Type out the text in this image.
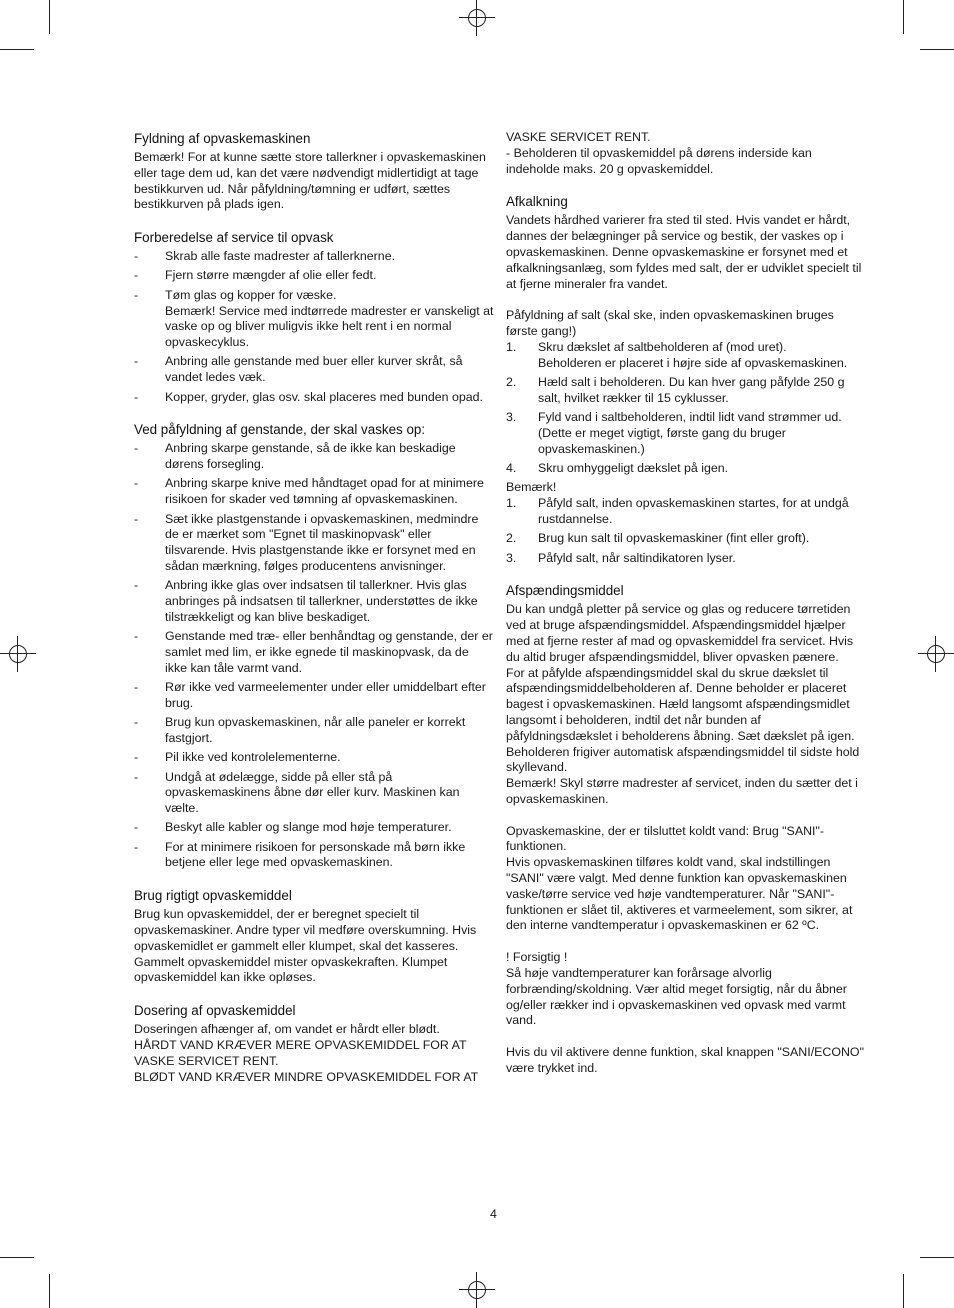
Fyldning af opvaskemaskinen

Bemærk! For at kunne sætte store tallerkner i opvaskemaskinen eller tage dem ud, kan det være nødvendigt midlertidigt at tage bestikkurven ud. Når påfyldning/tømning er udført, sættes bestikkurven på plads igen.

Forberedelse af service til opvask
- Skrab alle faste madrester af tallerknerne.
- Fjern større mængder af olie eller fedt.
- Tøm glas og kopper for væske.
Bemærk! Service med indtørrede madrester er vanskeligt at vaske op og bliver muligvis ikke helt rent i en normal opvaskecyklus.
- Anbring alle genstande med buer eller kurver skråt, så vandet ledes væk.
- Kopper, gryder, glas osv. skal placeres med bunden opad.
Ved påfyldning af genstande, der skal vaskes op:
- Anbring skarpe genstande, så de ikke kan beskadige dørens forsegling.
- Anbring skarpe knive med håndtaget opad for at minimere risikoen for skader ved tømning af opvaskemaskinen.
- Sæt ikke plastgenstande i opvaskemaskinen, medmindre de er mærket som "Egnet til maskinopvask" eller tilsvarende. Hvis plastgenstande ikke er forsynet med en sådan mærkning, følges producentens anvisninger.
- Anbring ikke glas over indsatsen til tallerkner. Hvis glas anbringes på indsatsen til tallerkner, understøttes de ikke tilstrækkeligt og kan blive beskadiget.
- Genstande med træ- eller benhåndtag og genstande, der er samlet med lim, er ikke egnede til maskinopvask, da de ikke kan tåle varmt vand.
- Rør ikke ved varmeelementer under eller umiddelbart efter brug.
- Brug kun opvaskemaskinen, når alle paneler er korrekt fastgjort.
- Pil ikke ved kontrolelementerne.
- Undgå at ødelægge, sidde på eller stå på opvaskemaskinens åbne dør eller kurv. Maskinen kan vælte.
- Beskyt alle kabler og slange mod høje temperaturer.
- For at minimere risikoen for personskade må børn ikke betjene eller lege med opvaskemaskinen.
Brug rigtigt opvaskemiddel

Brug kun opvaskemiddel, der er beregnet specielt til opvaskemaskiner. Andre typer vil medføre overskumning. Hvis opvaskemidlet er gammelt eller klumpet, skal det kasseres. Gammelt opvaskemiddel mister opvaskekraften. Klumpet opvaskemiddel kan ikke opløses.

Dosering af opvaskemiddel

Doseringen afhænger af, om vandet er hårdt eller blødt.
HÅRDT VAND KRÆVER MERE OPVASKEMIDDEL FOR AT VASKE SERVICET RENT.
BLØDT VAND KRÆVER MINDRE OPVASKEMIDDEL FOR AT

VASKE SERVICET RENT.
- Beholderen til opvaskemiddel på dørens inderside kan indeholde maks. 20 g opvaskemiddel.

Afkalkning

Vandets hårdhed varierer fra sted til sted. Hvis vandet er hårdt, dannes der belægninger på service og bestik, der vaskes op i opvaskemaskinen. Denne opvaskemaskine er forsynet med et afkalkningsanlæg, som fyldes med salt, der er udviklet specielt til at fjerne mineraler fra vandet.

Påfyldning af salt (skal ske, inden opvaskemaskinen bruges første gang!)

1. Skru dækslet af saltbeholderen af (mod uret).
Beholderen er placeret i højre side af opvaskemaskinen.
2. Hæld salt i beholderen. Du kan hver gang påfylde 250 g salt, hvilket rækker til 15 cyklusser.
3. Fyld vand i saltbeholderen, indtil lidt vand strømmer ud. (Dette er meget vigtigt, første gang du bruger opvaskemaskinen.)
4. Skru omhyggeligt dækslet på igen.

Bemærk!

1. Påfyld salt, inden opvaskemaskinen startes, for at undgå rustdannelse.
2. Brug kun salt til opvaskemaskiner (fint eller groft).
3. Påfyld salt, når saltindikatoren lyser.
Afspændingsmiddel

Du kan undgå pletter på service og glas og reducere tørretiden ved at bruge afspændingsmiddel. Afspændingsmiddel hjælper med at fjerne rester af mad og opvaskemiddel fra servicet. Hvis du altid bruger afspændingsmiddel, bliver opvasken pænere.
For at påfylde afspændingsmiddel skal du skrue dækslet til afspændingsmiddelbeholderen af. Denne beholder er placeret bagest i opvaskemaskinen. Hæld langsomt afspændingsmidlet langsomt i beholderen, indtil det når bunden af påfyldningsdækslet i beholderens åbning. Sæt dækslet på igen. Beholderen frigiver automatisk afspændingsmiddel til sidste hold skyllevand.
Bemærk! Skyl større madrester af servicet, inden du sætter det i opvaskemaskinen.

Opvaskemaskine, der er tilsluttet koldt vand: Brug "SANI"-funktionen.
Hvis opvaskemaskinen tilføres koldt vand, skal indstillingen "SANI" være valgt. Med denne funktion kan opvaskemaskinen vaske/tørre service ved høje vandtemperaturer. Når "SANI"-funktionen er slået til, aktiveres et varmeelement, som sikrer, at den interne vandtemperatur i opvaskemaskinen er 62 ºC.

! Forsigtig !
Så høje vandtemperaturer kan forårsage alvorlig forbrænding/skoldning. Vær altid meget forsigtig, når du åbner og/eller rækker ind i opvaskemaskinen ved opvask med varmt vand.

Hvis du vil aktivere denne funktion, skal knappen "SANI/ECONO" være trykket ind.

4
